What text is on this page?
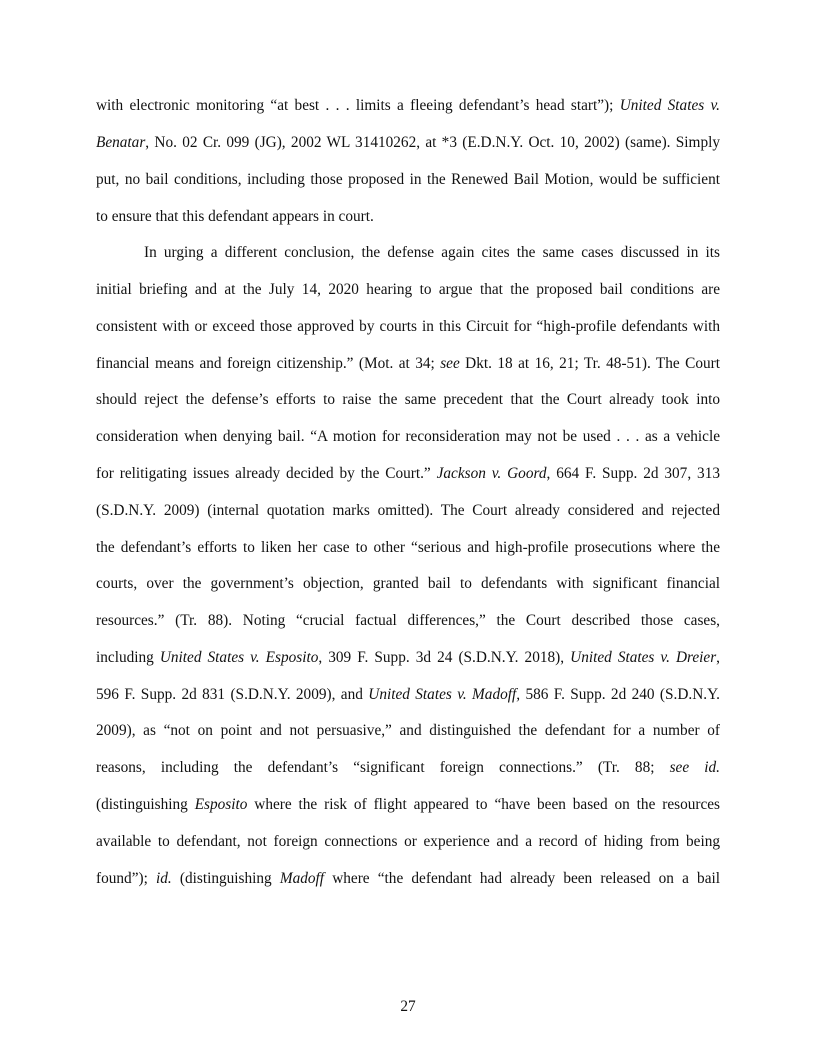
with electronic monitoring “at best . . . limits a fleeing defendant’s head start”); United States v.
Benatar, No. 02 Cr. 099 (JG), 2002 WL 31410262, at *3 (E.D.N.Y. Oct. 10, 2002) (same). Simply
put, no bail conditions, including those proposed in the Renewed Bail Motion, would be sufficient
to ensure that this defendant appears in court.
In urging a different conclusion, the defense again cites the same cases discussed in its
initial briefing and at the July 14, 2020 hearing to argue that the proposed bail conditions are
consistent with or exceed those approved by courts in this Circuit for “high-profile defendants with
financial means and foreign citizenship.” (Mot. at 34; see Dkt. 18 at 16, 21; Tr. 48-51). The Court
should reject the defense’s efforts to raise the same precedent that the Court already took into
consideration when denying bail. “A motion for reconsideration may not be used . . . as a vehicle
for relitigating issues already decided by the Court.” Jackson v. Goord, 664 F. Supp. 2d 307, 313
(S.D.N.Y. 2009) (internal quotation marks omitted). The Court already considered and rejected
the defendant’s efforts to liken her case to other “serious and high-profile prosecutions where the
courts, over the government’s objection, granted bail to defendants with significant financial
resources.” (Tr. 88). Noting “crucial factual differences,” the Court described those cases,
including United States v. Esposito, 309 F. Supp. 3d 24 (S.D.N.Y. 2018), United States v. Dreier,
596 F. Supp. 2d 831 (S.D.N.Y. 2009), and United States v. Madoff, 586 F. Supp. 2d 240 (S.D.N.Y.
2009), as “not on point and not persuasive,” and distinguished the defendant for a number of
reasons, including the defendant’s “significant foreign connections.” (Tr. 88; see id.
(distinguishing Esposito where the risk of flight appeared to “have been based on the resources
available to defendant, not foreign connections or experience and a record of hiding from being
found”); id. (distinguishing Madoff where “the defendant had already been released on a bail
27
